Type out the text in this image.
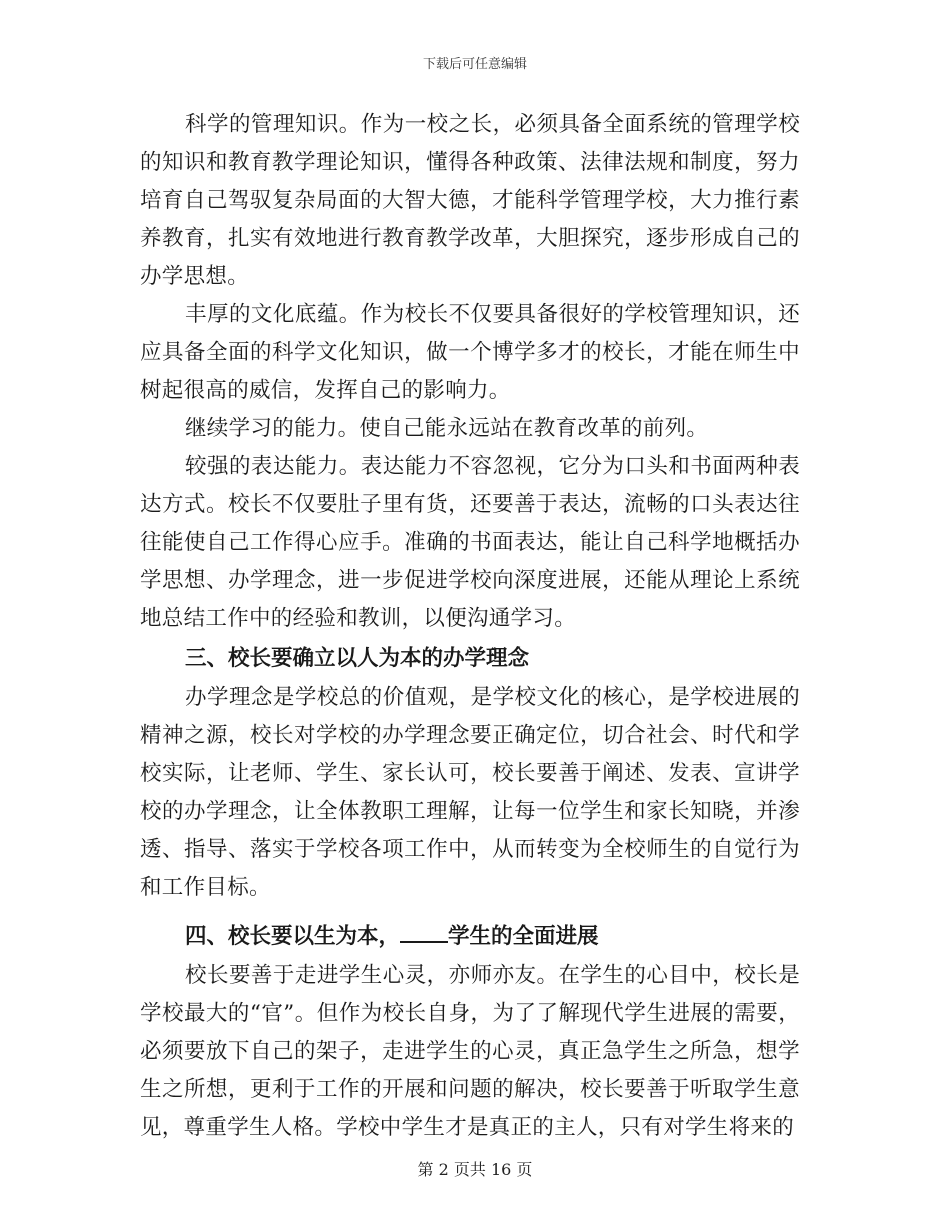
下载后可任意编辑

科学的管理知识。作为一校之长，必须具备全面系统的管理学校的知识和教育教学理论知识，懂得各种政策、法律法规和制度，努力培育自己驾驭复杂局面的大智大德，才能科学管理学校，大力推行素养教育，扎实有效地进行教育教学改革，大胆探究，逐步形成自己的办学思想。

丰厚的文化底蕴。作为校长不仅要具备很好的学校管理知识，还应具备全面的科学文化知识，做一个博学多才的校长，才能在师生中树起很高的威信，发挥自己的影响力。

继续学习的能力。使自己能永远站在教育改革的前列。

较强的表达能力。表达能力不容忽视，它分为口头和书面两种表达方式。校长不仅要肚子里有货，还要善于表达，流畅的口头表达往往能使自己工作得心应手。准确的书面表达，能让自己科学地概括办学思想、办学理念，进一步促进学校向深度进展，还能从理论上系统地总结工作中的经验和教训，以便沟通学习。

三、校长要确立以人为本的办学理念

办学理念是学校总的价值观，是学校文化的核心，是学校进展的精神之源，校长对学校的办学理念要正确定位，切合社会、时代和学校实际，让老师、学生、家长认可，校长要善于阐述、发表、宣讲学校的办学理念，让全体教职工理解，让每一位学生和家长知晓，并渗透、指导、落实于学校各项工作中，从而转变为全校师生的自觉行为和工作目标。

四、校长要以生为本， 学生的全面进展

校长要善于走进学生心灵，亦师亦友。在学生的心目中，校长是学校最大的“官”。但作为校长自身，为了了解现代学生进展的需要，必须要放下自己的架子，走进学生的心灵，真正急学生之所急，想学生之所想，更利于工作的开展和问题的解决，校长要善于听取学生意见，尊重学生人格。学校中学生才是真正的主人，只有对学生将来的

第 2 页共 16 页
